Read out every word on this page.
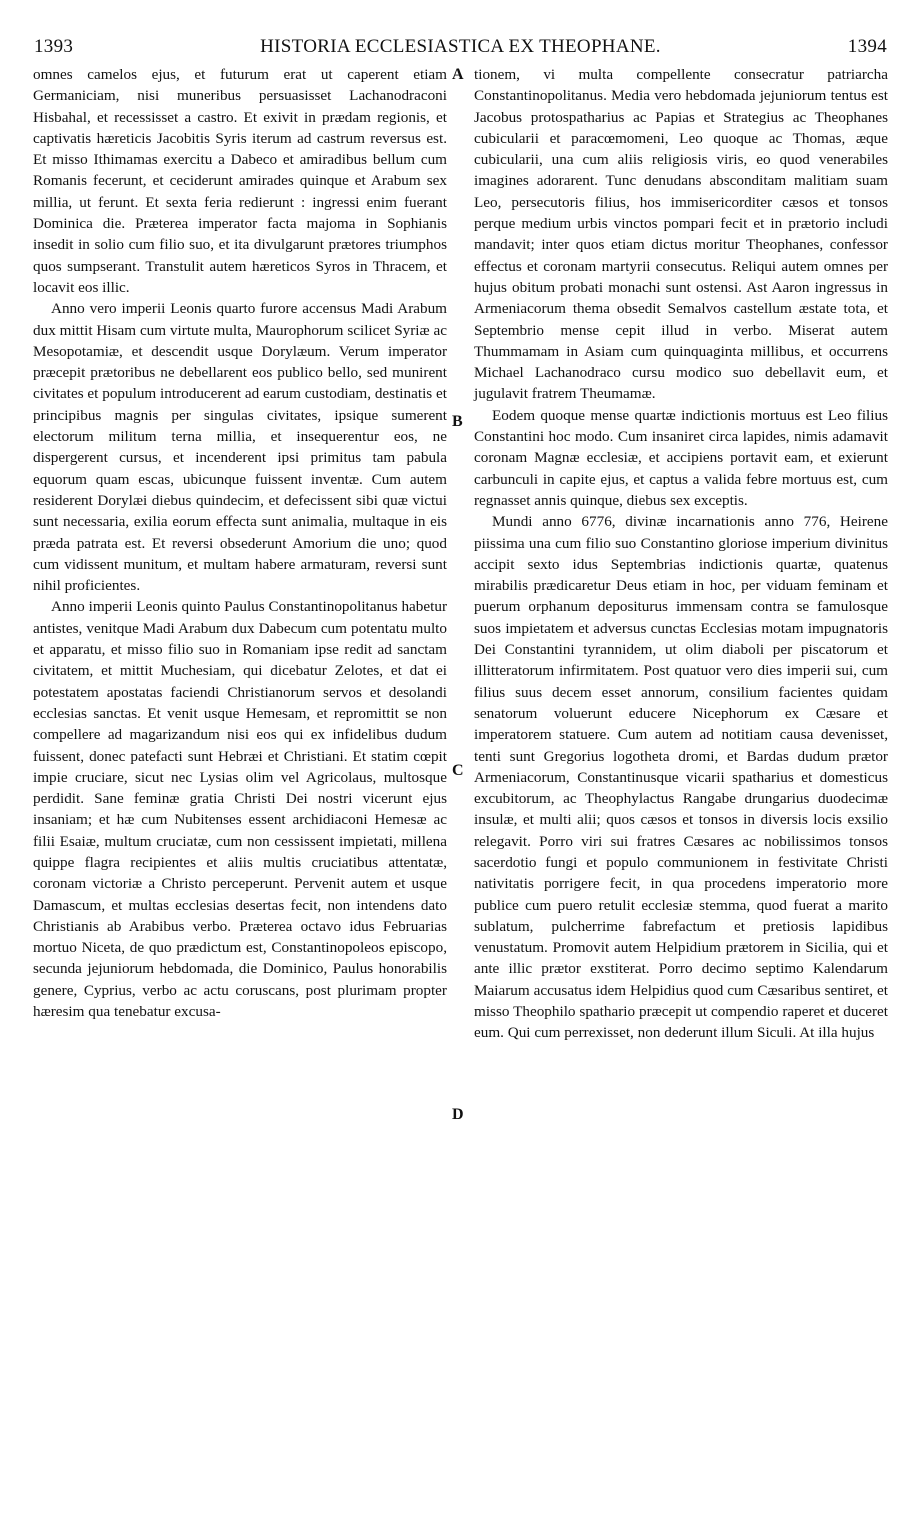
1393	HISTORIA ECCLESIASTICA EX THEOPHANE.	1394

omnes camelos ejus, et futurum erat ut caperent etiam Germaniciam, nisi muneribus persuasisset Lachanodraconi Hisbahal, et recessisset a castro. Et exivit in prædam regionis, et captivatis hæreticis Jacobitis Syris iterum ad castrum reversus est. Et misso Ithimamas exercitu a Dabeco et amiradibus bellum cum Romanis fecerunt, et ceciderunt amirades quinque et Arabum sex millia, ut ferunt. Et sexta feria redierunt : ingressi enim fuerant Dominica die. Præterea imperator facta majoma in Sophianis insedit in solio cum filio suo, et ita divulgarunt prætores triumphos quos sumpserant. Transtulit autem hæreticos Syros in Thracem, et locavit eos illic.

Anno vero imperii Leonis quarto furore accensus Madi Arabum dux mittit Hisam cum virtute multa, Maurophorum scilicet Syriæ ac Mesopotamiæ, et descendit usque Dorylæum. Verum imperator præcepit prætoribus ne debellarent eos publico bello, sed munirent civitates et populum introducerent ad earum custodiam, destinatis et principibus magnis per singulas civitates, ipsique sumerent electorum militum terna millia, et insequerentur eos, ne dispergerent cursus, et incenderent ipsi primitus tam pabula equorum quam escas, ubicunque fuissent inventæ. Cum autem residerent Dorylæi diebus quindecim, et defecissent sibi quæ victui sunt necessaria, exilia eorum effecta sunt animalia, multaque in eis præda patrata est. Et reversi obsederunt Amorium die uno; quod cum vidissent munitum, et multam habere armaturam, reversi sunt nihil proficientes.

Anno imperii Leonis quinto Paulus Constantinopolitanus habetur antistes, venitque Madi Arabum dux Dabecum cum potentatu multo et apparatu, et misso filio suo in Romaniam ipse redit ad sanctam civitatem, et mittit Muchesiam, qui dicebatur Zelotes, et dat ei potestatem apostatas faciendi Christianorum servos et desolandi ecclesias sanctas. Et venit usque Hemesam, et repromittit se non compellere ad magarizandum nisi eos qui ex infidelibus dudum fuissent, donec patefacti sunt Hebræi et Christiani. Et statim cœpit impie cruciare, sicut nec Lysias olim vel Agricolaus, multosque perdidit. Sane feminæ gratia Christi Dei nostri vicerunt ejus insaniam; et hæ cum Nubitenses essent archidiaconi Hemesæ ac filii Esaiæ, multum cruciatæ, cum non cessissent impietati, millena quippe flagra recipientes et aliis multis cruciatibus attentatæ, coronam victoriæ a Christo perceperunt. Pervenit autem et usque Damascum, et multas ecclesias desertas fecit, non intendens dato Christianis ab Arabibus verbo. Præterea octavo idus Februarias mortuo Niceta, de quo prædictum est, Constantinopoleos episcopo, secunda jejuniorum hebdomada, die Dominico, Paulus honorabilis genere, Cyprius, verbo ac actu coruscans, post plurimam propter hæresim qua tenebatur excusa-

tionem, vi multa compellente consecratur patriarcha Constantinopolitanus. Media vero hebdomada jejuniorum tentus est Jacobus protospatharius ac Papias et Strategius ac Theophanes cubicularii et paracœmomeni, Leo quoque ac Thomas, æque cubicularii, una cum aliis religiosis viris, eo quod venerabiles imagines adorarent. Tunc denudans absconditam malitiam suam Leo, persecutoris filius, hos immisericorditer cæsos et tonsos perque medium urbis vinctos pompari fecit et in prætorio includi mandavit; inter quos etiam dictus moritur Theophanes, confessor effectus et coronam martyrii consecutus. Reliqui autem omnes per hujus obitum probati monachi sunt ostensi. Ast Aaron ingressus in Armeniacorum thema obsedit Semalvos castellum æstate tota, et Septembrio mense cepit illud in verbo. Miserat autem Thummamam in Asiam cum quinquaginta millibus, et occurrens Michael Lachanodraco cursu modico suo debellavit eum, et jugulavit fratrem Theumamæ.

Eodem quoque mense quartæ indictionis mortuus est Leo filius Constantini hoc modo. Cum insaniret circa lapides, nimis adamavit coronam Magnæ ecclesiæ, et accipiens portavit eam, et exierunt carbunculi in capite ejus, et captus a valida febre mortuus est, cum regnasset annis quinque, diebus sex exceptis.

Mundi anno 6776, divinæ incarnationis anno 776, Heirene piissima una cum filio suo Constantino gloriose imperium divinitus accipit sexto idus Septembrias indictionis quartæ, quatenus mirabilis prædicaretur Deus etiam in hoc, per viduam feminam et puerum orphanum depositurus immensam contra se famulosque suos impietatem et adversus cunctas Ecclesias motam impugnatoris Dei Constantini tyrannidem, ut olim diaboli per piscatorum et illitteratorum infirmitatem. Post quatuor vero dies imperii sui, cum filius suus decem esset annorum, consilium facientes quidam senatorum voluerunt educere Nicephorum ex Cæsare et imperatorem statuere. Cum autem ad notitiam causa devenisset, tenti sunt Gregorius logotheta dromi, et Bardas dudum prætor Armeniacorum, Constantinusque vicarii spatharius et domesticus excubitorum, ac Theophylactus Rangabe drungarius duodecimæ insulæ, et multi alii; quos cæsos et tonsos in diversis locis exsilio relegavit. Porro viri sui fratres Cæsares ac nobilissimos tonsos sacerdotio fungi et populo communionem in festivitate Christi nativitatis porrigere fecit, in qua procedens imperatorio more publice cum puero retulit ecclesiæ stemma, quod fuerat a marito sublatum, pulcherrime fabrefactum et pretiosis lapidibus venustatum. Promovit autem Helpidium prætorem in Sicilia, qui et ante illic prætor exstiterat. Porro decimo septimo Kalendarum Maiarum accusatus idem Helpidius quod cum Cæsaribus sentiret, et misso Theophilo spathario præcepit ut compendio raperet et duceret eum. Qui cum perrexisset, non dederunt illum Siculi. At illa hujus

A
B
C
D
